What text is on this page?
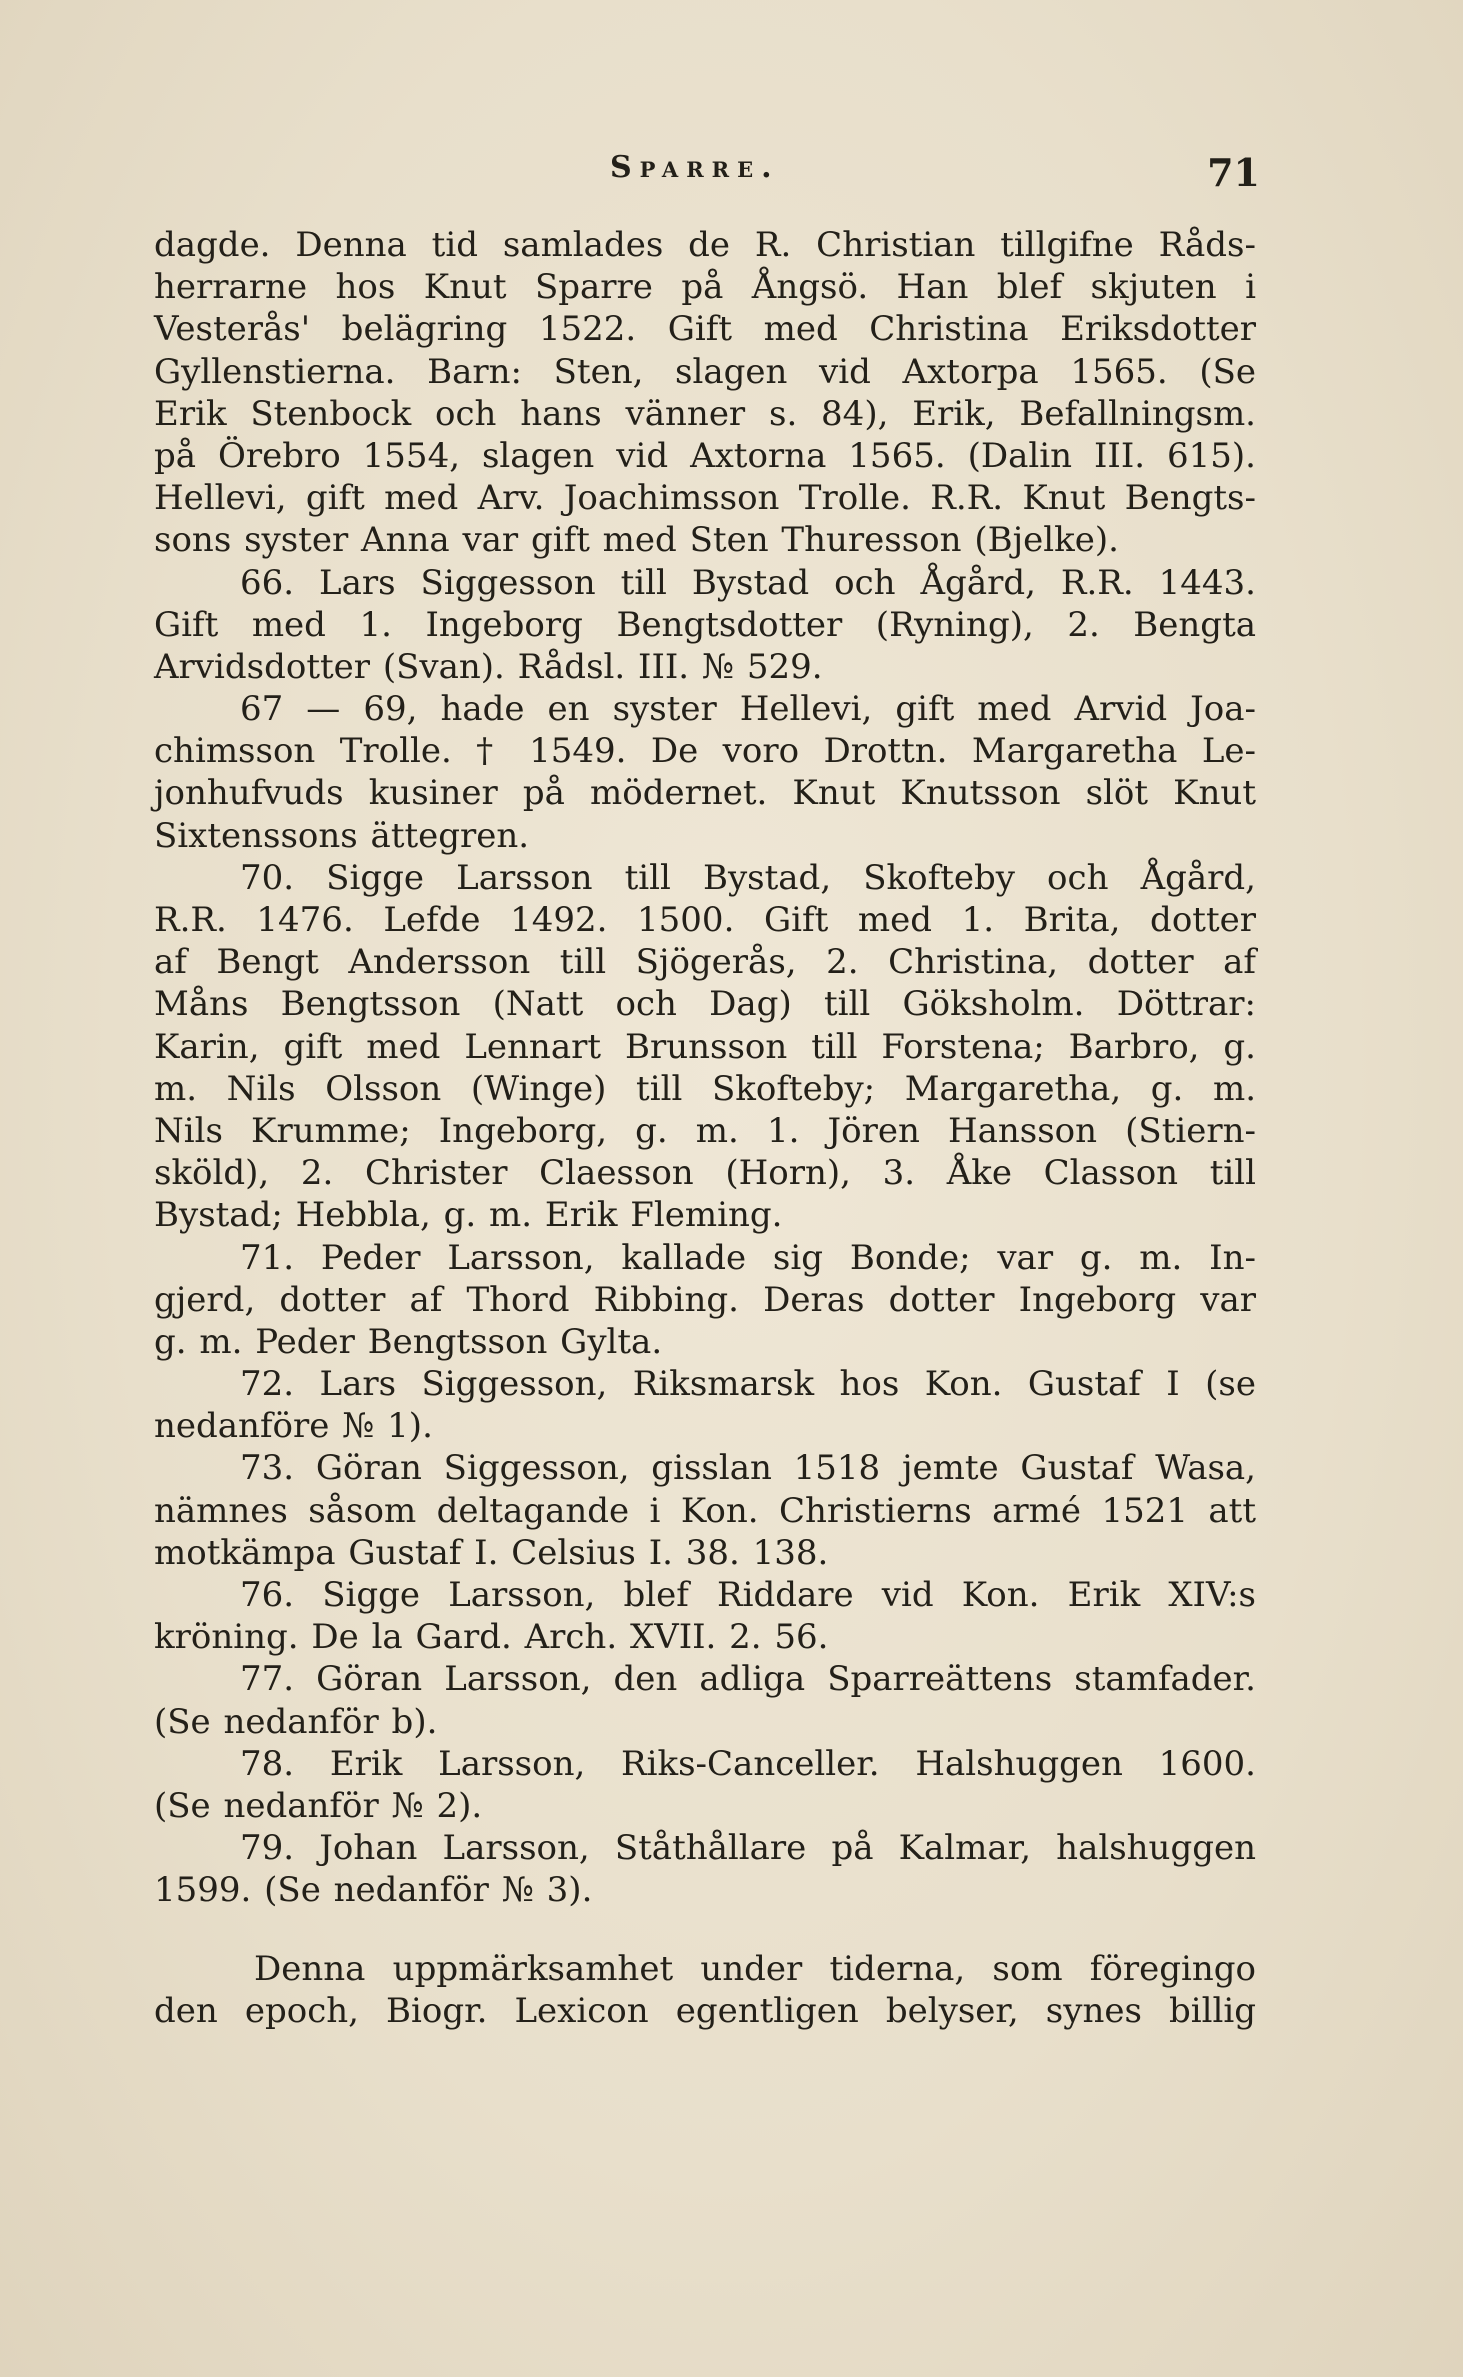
Sparre.	71
dagde. Denna tid samlades de R. Christian tillgifne Råds-
herrarne hos Knut Sparre på Ångsö. Han blef skjuten i
Vesterås' belägring 1522. Gift med Christina Eriksdotter
Gyllenstierna. Barn: Sten, slagen vid Axtorpa 1565. (Se
Erik Stenbock och hans vänner s. 84), Erik, Befallningsm.
på Örebro 1554, slagen vid Axtorna 1565. (Dalin III. 615).
Hellevi, gift med Arv. Joachimsson Trolle. R.R. Knut Bengts-
sons syster Anna var gift med Sten Thuresson (Bjelke).
66. Lars Siggesson till Bystad och Ågård, R.R. 1443.
Gift med 1. Ingeborg Bengtsdotter (Ryning), 2. Bengta
Arvidsdotter (Svan). Rådsl. III. № 529.
67 — 69, hade en syster Hellevi, gift med Arvid Joa-
chimsson Trolle. † 1549. De voro Drottn. Margaretha Le-
jonhufvuds kusiner på mödernet. Knut Knutsson slöt Knut
Sixtenssons ättegren.
70. Sigge Larsson till Bystad, Skofteby och Ågård,
R.R. 1476. Lefde 1492. 1500. Gift med 1. Brita, dotter
af Bengt Andersson till Sjögerås, 2. Christina, dotter af
Måns Bengtsson (Natt och Dag) till Göksholm. Döttrar:
Karin, gift med Lennart Brunsson till Forstena; Barbro, g.
m. Nils Olsson (Winge) till Skofteby; Margaretha, g. m.
Nils Krumme; Ingeborg, g. m. 1. Jören Hansson (Stiern-
sköld), 2. Christer Claesson (Horn), 3. Åke Classon till
Bystad; Hebbla, g. m. Erik Fleming.
71. Peder Larsson, kallade sig Bonde; var g. m. In-
gjerd, dotter af Thord Ribbing. Deras dotter Ingeborg var
g. m. Peder Bengtsson Gylta.
72. Lars Siggesson, Riksmarsk hos Kon. Gustaf I (se
nedanföre № 1).
73. Göran Siggesson, gisslan 1518 jemte Gustaf Wasa,
nämnes såsom deltagande i Kon. Christierns armé 1521 att
motkämpa Gustaf I. Celsius I. 38. 138.
76. Sigge Larsson, blef Riddare vid Kon. Erik XIV:s
kröning. De la Gard. Arch. XVII. 2. 56.
77. Göran Larsson, den adliga Sparreättens stamfader.
(Se nedanför b).
78. Erik Larsson, Riks-Canceller. Halshuggen 1600.
(Se nedanför № 2).
79. Johan Larsson, Ståthållare på Kalmar, halshuggen
1599. (Se nedanför № 3).
Denna uppmärksamhet under tiderna, som föregingo
den epoch, Biogr. Lexicon egentligen belyser, synes billig
